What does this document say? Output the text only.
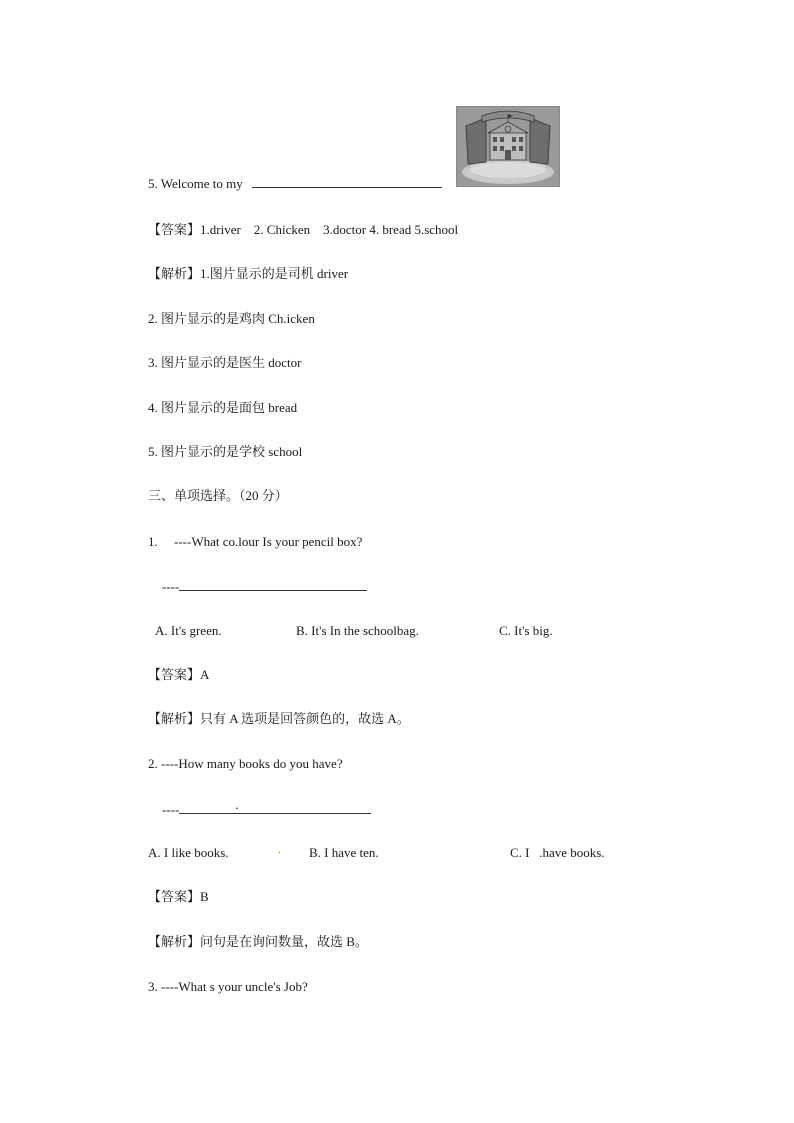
5. Welcome to my
【答案】1.driver    2. Chicken    3.doctor 4. bread 5.school
【解析】1.图片显示的是司机 driver
2. 图片显示的是鸡肉 Ch.icken
3. 图片显示的是医生 doctor
4. 图片显示的是面包 bread
5. 图片显示的是学校 school
三、单项选择。（20 分）
1.     ----What co.lour Is your pencil box?
----
A. It's green.	B. It's In the schoolbag.	C. It's big.
【答案】A
【解析】只有 A 选项是回答颜色的，故选 A。
2. ----How many books do you have?
----	.
A. I like books.	. B. I have ten.	C. I   .have books.
【答案】B
【解析】问句是在询问数量，故选 B。
3. ----What s your uncle's Job?
